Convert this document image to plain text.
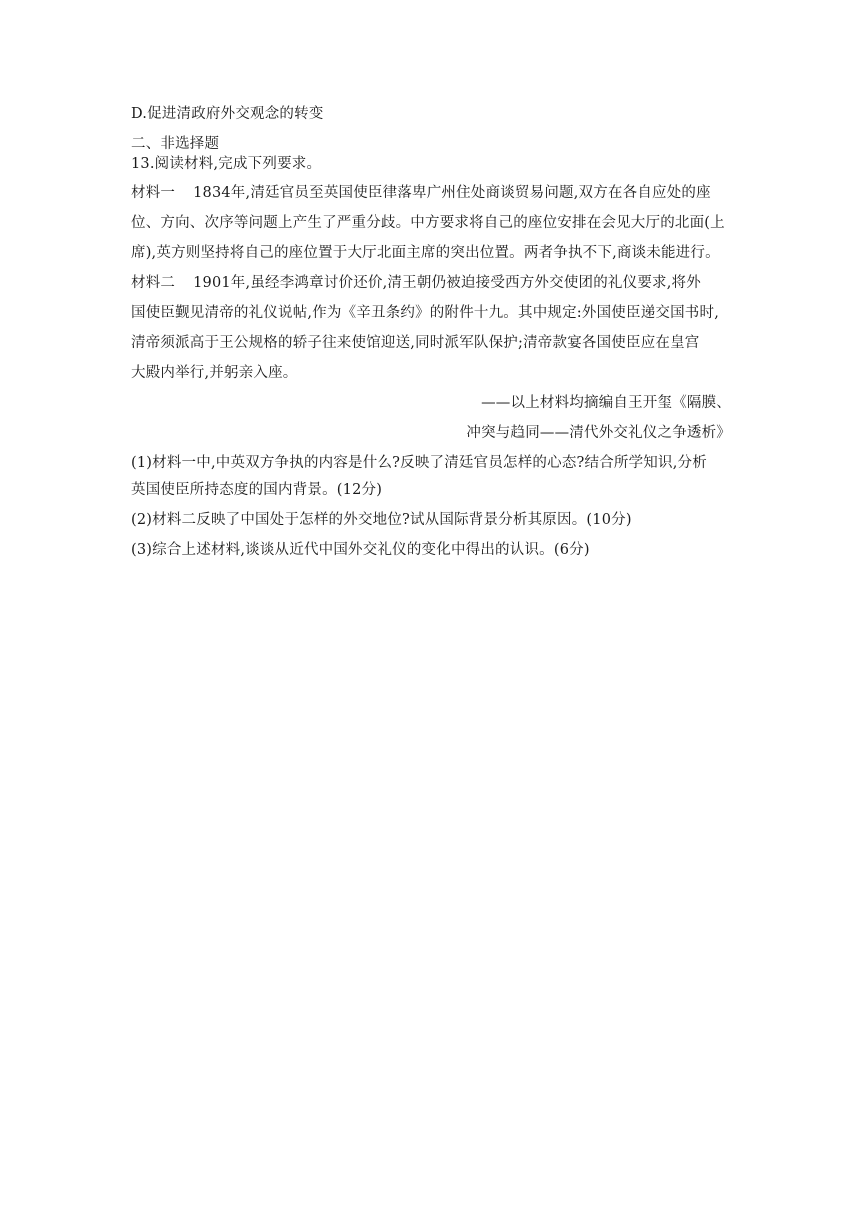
D.促进清政府外交观念的转变
二、非选择题
13.阅读材料,完成下列要求。
材料一 1834年,清廷官员至英国使臣律落卑广州住处商谈贸易问题,双方在各自应处的座
位、方向、次序等问题上产生了严重分歧。中方要求将自己的座位安排在会见大厅的北面(上
席),英方则坚持将自己的座位置于大厅北面主席的突出位置。两者争执不下,商谈未能进行。
材料二 1901年,虽经李鸿章讨价还价,清王朝仍被迫接受西方外交使团的礼仪要求,将外
国使臣觐见清帝的礼仪说帖,作为《辛丑条约》的附件十九。其中规定:外国使臣递交国书时,
清帝须派高于王公规格的轿子往来使馆迎送,同时派军队保护;清帝款宴各国使臣应在皇宫
大殿内举行,并躬亲入座。
——以上材料均摘编自王开玺《隔膜、
冲突与趋同——清代外交礼仪之争透析》
(1)材料一中,中英双方争执的内容是什么?反映了清廷官员怎样的心态?结合所学知识,分析
英国使臣所持态度的国内背景。(12分)
(2)材料二反映了中国处于怎样的外交地位?试从国际背景分析其原因。(10分)
(3)综合上述材料,谈谈从近代中国外交礼仪的变化中得出的认识。(6分)
